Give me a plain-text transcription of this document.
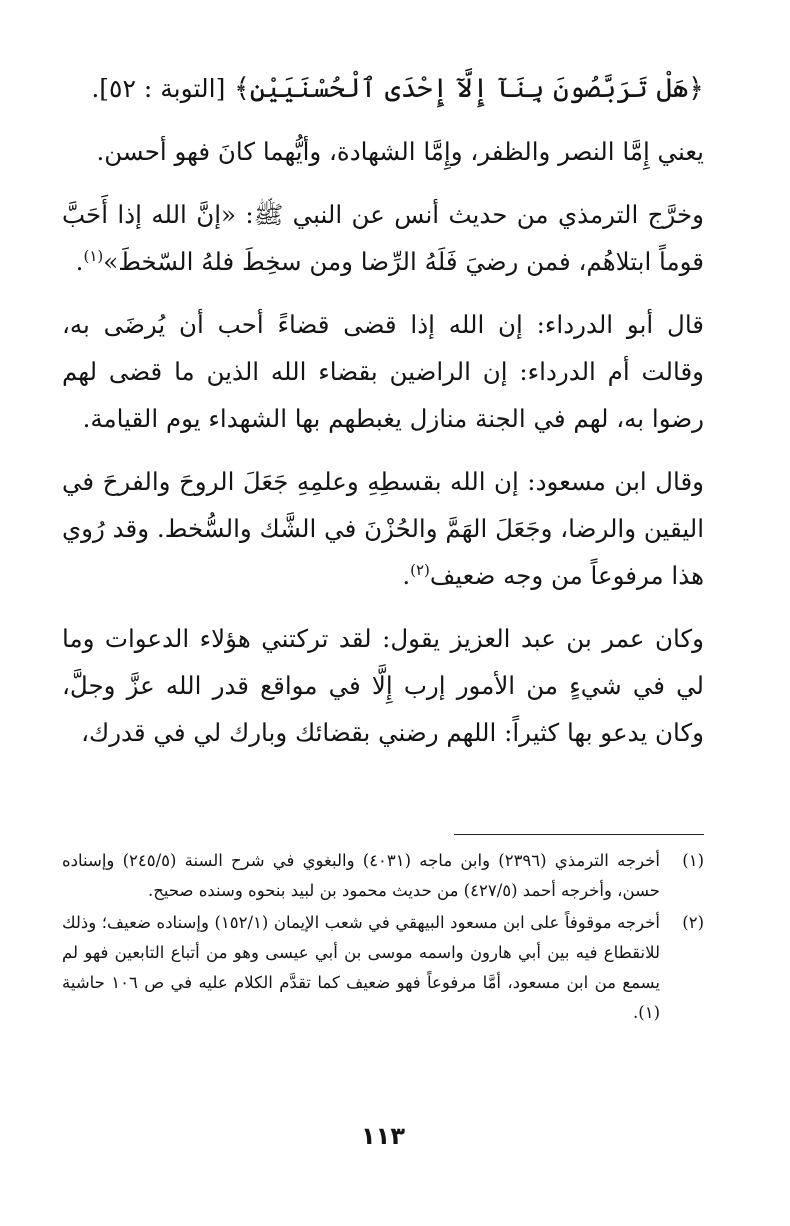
﴿هَلْ تَرَبَّصُونَ بِنَآ إِلَّآ إِحْدَى ٱلْحُسْنَيَيْنِ﴾ [التوبة : ٥٢].

يعني إِمَّا النصر والظفر، وإِمَّا الشهادة، وأيُّهما كانَ فهو أحسن.

وخرَّج الترمذي من حديث أنس عن النبي ﷺ: «إنَّ الله إذا أَحَبَّ قوماً ابتلاهُم، فمن رضيَ فَلَهُ الرِّضا ومن سخِطَ فلهُ السّخطَ»$^{(١)}$.

قال أبو الدرداء: إن الله إذا قضى قضاءً أحب أن يُرضَى به، وقالت أم الدرداء: إن الراضين بقضاء الله الذين ما قضى لهم رضوا به، لهم في الجنة منازل يغبطهم بها الشهداء يوم القيامة.

وقال ابن مسعود: إن الله بقسطِهِ وعلمِهِ جَعَلَ الروحَ والفرحَ في اليقين والرضا، وجَعَلَ الهَمَّ والحُزْنَ في الشَّك والسُّخط. وقد رُوي هذا مرفوعاً من وجه ضعيف$^{(٢)}$.

وكان عمر بن عبد العزيز يقول: لقد تركتني هؤلاء الدعوات وما لي في شيءٍ من الأمور إرب إِلَّا في مواقع قدر الله عزَّ وجلَّ، وكان يدعو بها كثيراً: اللهم رضني بقضائك وبارك لي في قدرك،

(١)
أخرجه الترمذي (٢٣٩٦) وابن ماجه (٤٠٣١) والبغوي في شرح السنة (٢٤٥/٥) وإسناده حسن، وأخرجه أحمد (٤٢٧/٥) من حديث محمود بن لبيد بنحوه وسنده صحيح.
(٢)
أخرجه موقوفاً على ابن مسعود البيهقي في شعب الإيمان (١٥٢/١) وإسناده ضعيف؛ وذلك للانقطاع فيه بين أبي هارون واسمه موسى بن أبي عيسى وهو من أتباع التابعين فهو لم يسمع من ابن مسعود، أمَّا مرفوعاً فهو ضعيف كما تقدَّم الكلام عليه في ص ١٠٦ حاشية (١).
١١٣
